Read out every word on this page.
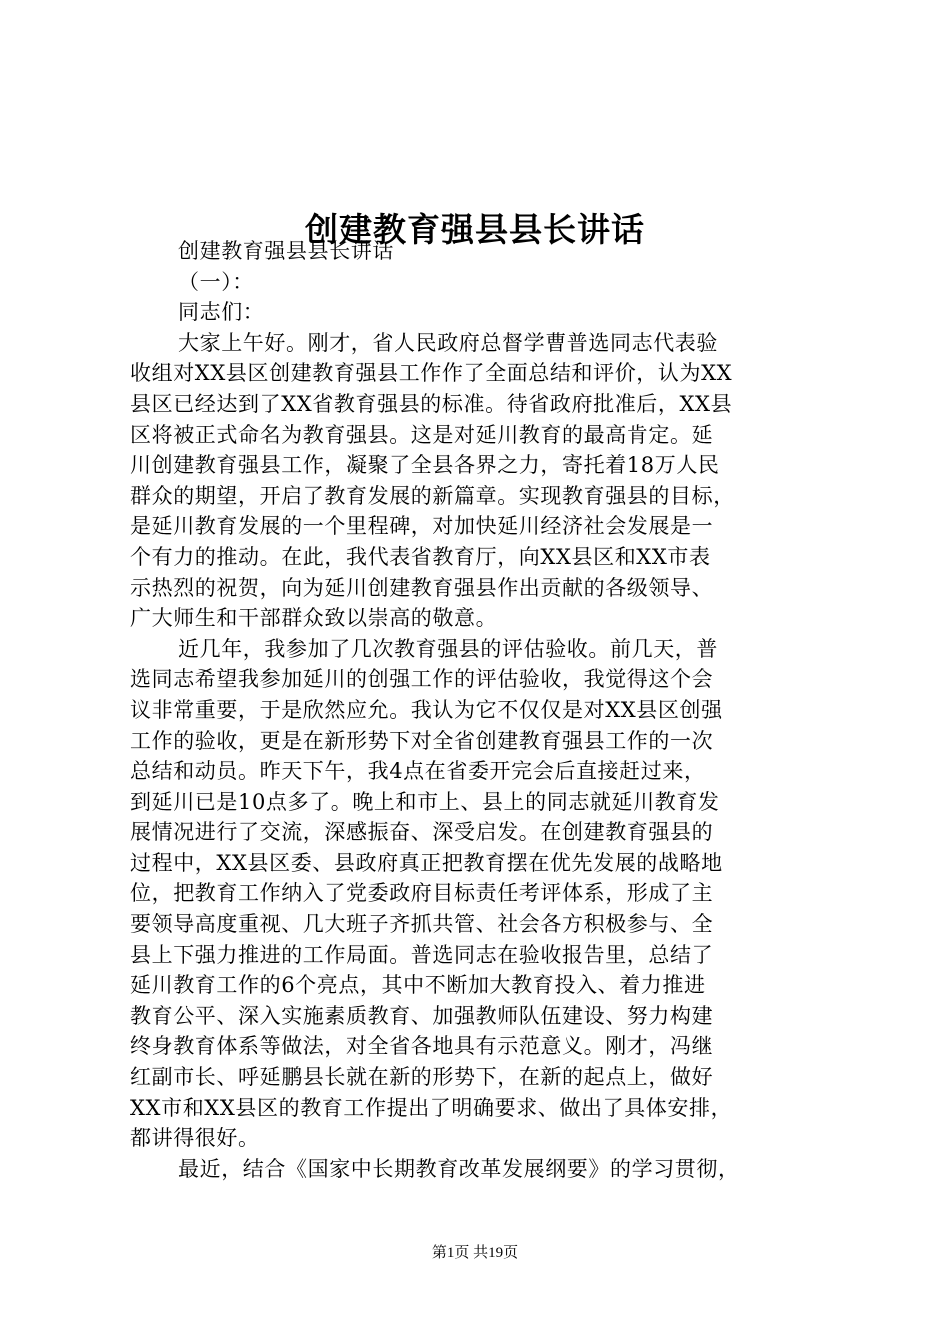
创建教育强县县长讲话

创建教育强县县长讲话

（一）：

同志们：

大家上午好。刚才，省人民政府总督学曹普选同志代表验

收组对XX县区创建教育强县工作作了全面总结和评价，认为XX

县区已经达到了XX省教育强县的标准。待省政府批准后，XX县

区将被正式命名为教育强县。这是对延川教育的最高肯定。延

川创建教育强县工作，凝聚了全县各界之力，寄托着18万人民

群众的期望，开启了教育发展的新篇章。实现教育强县的目标，

是延川教育发展的一个里程碑，对加快延川经济社会发展是一

个有力的推动。在此，我代表省教育厅，向XX县区和XX市表

示热烈的祝贺，向为延川创建教育强县作出贡献的各级领导、

广大师生和干部群众致以崇高的敬意。

近几年，我参加了几次教育强县的评估验收。前几天，普

选同志希望我参加延川的创强工作的评估验收，我觉得这个会

议非常重要，于是欣然应允。我认为它不仅仅是对XX县区创强

工作的验收，更是在新形势下对全省创建教育强县工作的一次

总结和动员。昨天下午，我4点在省委开完会后直接赶过来，

到延川已是10点多了。晚上和市上、县上的同志就延川教育发

展情况进行了交流，深感振奋、深受启发。在创建教育强县的

过程中，XX县区委、县政府真正把教育摆在优先发展的战略地

位，把教育工作纳入了党委政府目标责任考评体系，形成了主

要领导高度重视、几大班子齐抓共管、社会各方积极参与、全

县上下强力推进的工作局面。普选同志在验收报告里，总结了

延川教育工作的6个亮点，其中不断加大教育投入、着力推进

教育公平、深入实施素质教育、加强教师队伍建设、努力构建

终身教育体系等做法，对全省各地具有示范意义。刚才，冯继

红副市长、呼延鹏县长就在新的形势下，在新的起点上，做好

XX市和XX县区的教育工作提出了明确要求、做出了具体安排，

都讲得很好。

最近，结合《国家中长期教育改革发展纲要》的学习贯彻，

第1页 共19页
